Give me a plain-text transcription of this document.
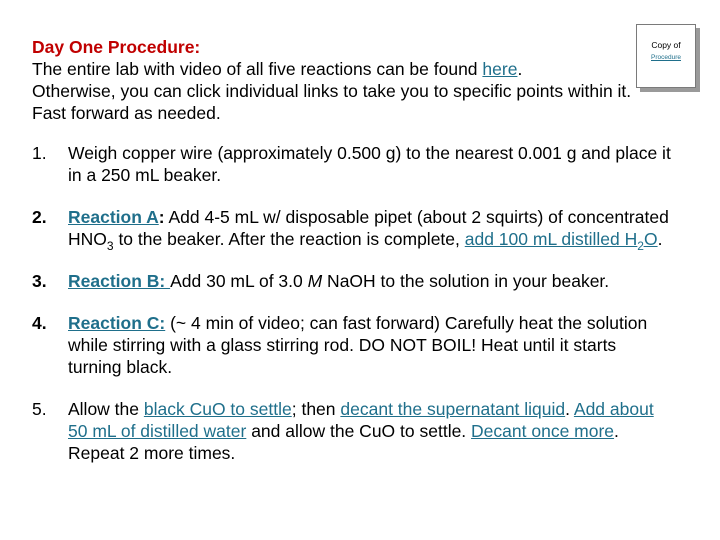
Day One Procedure:
The entire lab with video of all five reactions can be found here.
Otherwise, you can click individual links to take you to specific points within it. Fast forward as needed.
Copy of
Procedure
1. Weigh copper wire (approximately 0.500 g) to the nearest 0.001 g and place it in a 250 mL beaker.
2. Reaction A: Add 4-5 mL w/ disposable pipet (about 2 squirts) of concentrated $HNO_3$ to the beaker. After the reaction is complete, add 100 mL distilled $H_2O$.
3. Reaction B: Add 30 mL of 3.0 M NaOH to the solution in your beaker.
4. Reaction C: (~ 4 min of video; can fast forward) Carefully heat the solution while stirring with a glass stirring rod. DO NOT BOIL! Heat until it starts turning black.
5. Allow the black CuO to settle; then decant the supernatant liquid. Add about 50 mL of distilled water and allow the CuO to settle. Decant once more. Repeat 2 more times.
